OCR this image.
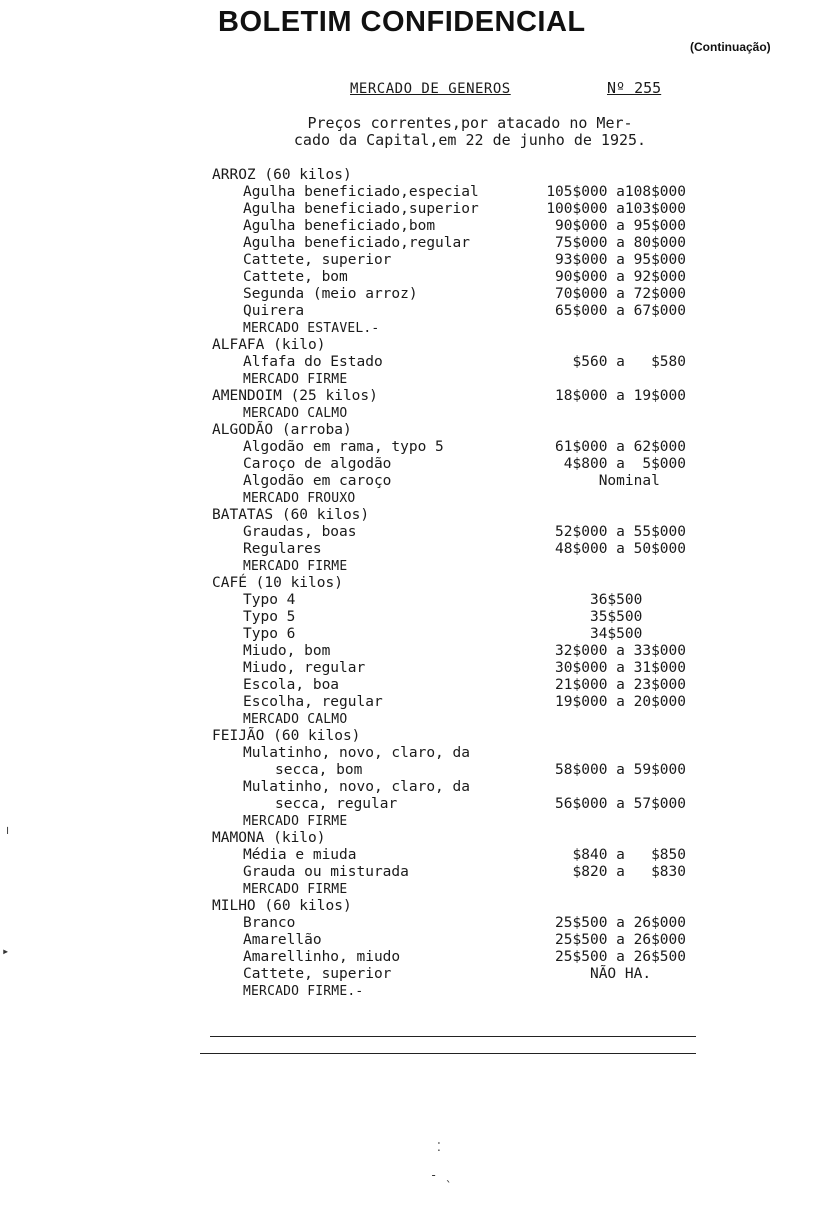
BOLETIM CONFIDENCIAL
(Continuação)
MERCADO DE GENEROS	Nº 255
Preços correntes,por atacado no Mer-
cado da Capital,em 22 de junho de 1925.
ARROZ (60 kilos)
Agulha beneficiado,especial	105$000 a108$000
Agulha beneficiado,superior	100$000 a103$000
Agulha beneficiado,bom	90$000 a 95$000
Agulha beneficiado,regular	75$000 a 80$000
Cattete, superior	93$000 a 95$000
Cattete, bom	90$000 a 92$000
Segunda (meio arroz)	70$000 a 72$000
Quirera	65$000 a 67$000
MERCADO ESTAVEL.-
ALFAFA (kilo)
Alfafa do Estado	$560 a   $580
MERCADO FIRME
AMENDOIM (25 kilos)	18$000 a 19$000
MERCADO CALMO
ALGODÃO (arroba)
Algodão em rama, typo 5	61$000 a 62$000
Caroço de algodão	4$800 a  5$000
Algodão em caroço	Nominal
MERCADO FROUXO
BATATAS (60 kilos)
Graudas, boas	52$000 a 55$000
Regulares	48$000 a 50$000
MERCADO FIRME
CAFÉ (10 kilos)
Typo 4	36$500
Typo 5	35$500
Typo 6	34$500
Miudo, bom	32$000 a 33$000
Miudo, regular	30$000 a 31$000
Escola, boa	21$000 a 23$000
Escolha, regular	19$000 a 20$000
MERCADO CALMO
FEIJÃO (60 kilos)
Mulatinho, novo, claro, da
secca, bom	58$000 a 59$000
Mulatinho, novo, claro, da
secca, regular	56$000 a 57$000
MERCADO FIRME
MAMONA (kilo)
Média e miuda	$840 a   $850
Grauda ou misturada	$820 a   $830
MERCADO FIRME
MILHO (60 kilos)
Branco	25$500 a 26$000
Amarellão	25$500 a 26$000
Amarellinho, miudo	25$500 a 26$500
Cattete, superior	NÃO HA.
MERCADO FIRME.-
⁚
‐ ˎ
╷
▸
